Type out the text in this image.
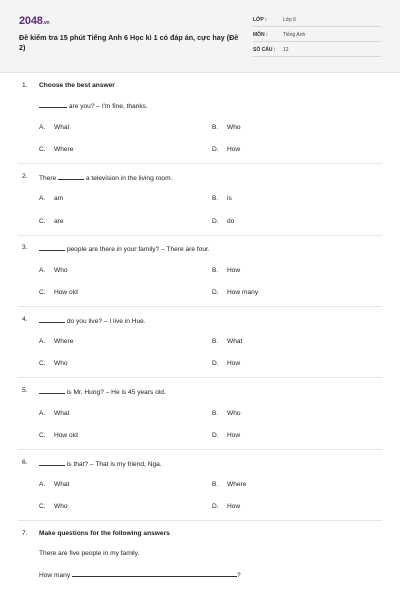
2048.vn
Đề kiểm tra 15 phút Tiếng Anh 6 Học kì 1 có đáp án, cực hay (Đề 2)
LỚP :	Lớp 6
MÔN :	Tiếng Anh
SỐ CÂU : 12
1. Choose the best answer
are you? – I'm fine, thanks.
A. What	B. Who
C. Where	D. How
2. There	a television in the living room.
A. am	B. is
C. are	D. do
3.	people are there in your family? – There are four.
A. Who	B. How
C. How old	D. How many
4.	do you live? – I live in Hue.
A. Where	B. What
C. Who	D. How
5.	is Mr. Hung? – He is 45 years old.
A. What	B. Who
C. How old	D. How
6.	is that? – That is my friend, Nga.
A. What	B. Where
C. Who	D. How
7. Make questions for the following answers
There are five people in my family.
How many	?
